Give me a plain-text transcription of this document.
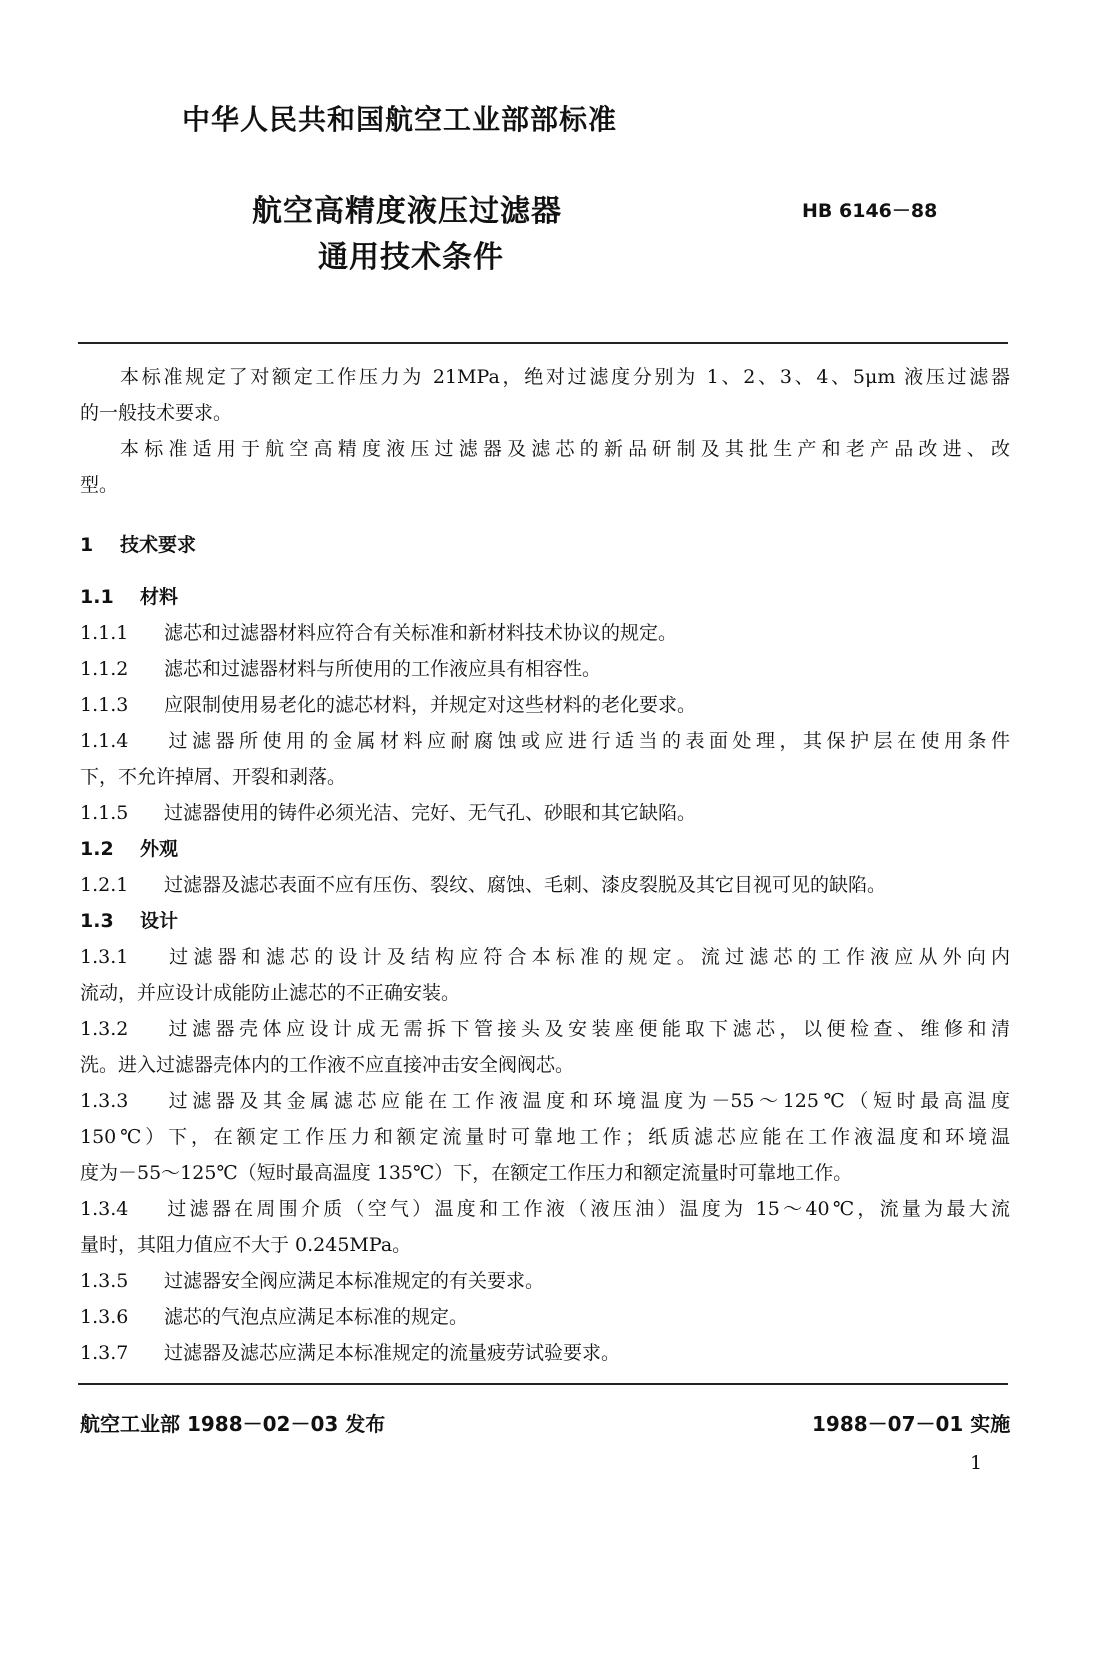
中华人民共和国航空工业部部标准
航空高精度液压过滤器
通用技术条件
HB 6146－88
本标准规定了对额定工作压力为 21MPa，绝对过滤度分别为 1、2、3、4、5μm 液压过滤器
的一般技术要求。
本标准适用于航空高精度液压过滤器及滤芯的新品研制及其批生产和老产品改进、改
型。
1 技术要求
1.1 材料
1.1.1 滤芯和过滤器材料应符合有关标准和新材料技术协议的规定。
1.1.2 滤芯和过滤器材料与所使用的工作液应具有相容性。
1.1.3 应限制使用易老化的滤芯材料，并规定对这些材料的老化要求。
1.1.4 过滤器所使用的金属材料应耐腐蚀或应进行适当的表面处理，其保护层在使用条件
下，不允许掉屑、开裂和剥落。
1.1.5 过滤器使用的铸件必须光洁、完好、无气孔、砂眼和其它缺陷。
1.2 外观
1.2.1 过滤器及滤芯表面不应有压伤、裂纹、腐蚀、毛刺、漆皮裂脱及其它目视可见的缺陷。
1.3 设计
1.3.1 过滤器和滤芯的设计及结构应符合本标准的规定。流过滤芯的工作液应从外向内
流动，并应设计成能防止滤芯的不正确安装。
1.3.2 过滤器壳体应设计成无需拆下管接头及安装座便能取下滤芯，以便检查、维修和清
洗。进入过滤器壳体内的工作液不应直接冲击安全阀阀芯。
1.3.3 过滤器及其金属滤芯应能在工作液温度和环境温度为－55～125℃（短时最高温度
150℃）下，在额定工作压力和额定流量时可靠地工作；纸质滤芯应能在工作液温度和环境温
度为－55～125℃（短时最高温度 135℃）下，在额定工作压力和额定流量时可靠地工作。
1.3.4 过滤器在周围介质（空气）温度和工作液（液压油）温度为 15～40℃，流量为最大流
量时，其阻力值应不大于 0.245MPa。
1.3.5 过滤器安全阀应满足本标准规定的有关要求。
1.3.6 滤芯的气泡点应满足本标准的规定。
1.3.7 过滤器及滤芯应满足本标准规定的流量疲劳试验要求。
航空工业部 1988－02－03 发布	1988－07－01 实施
1
